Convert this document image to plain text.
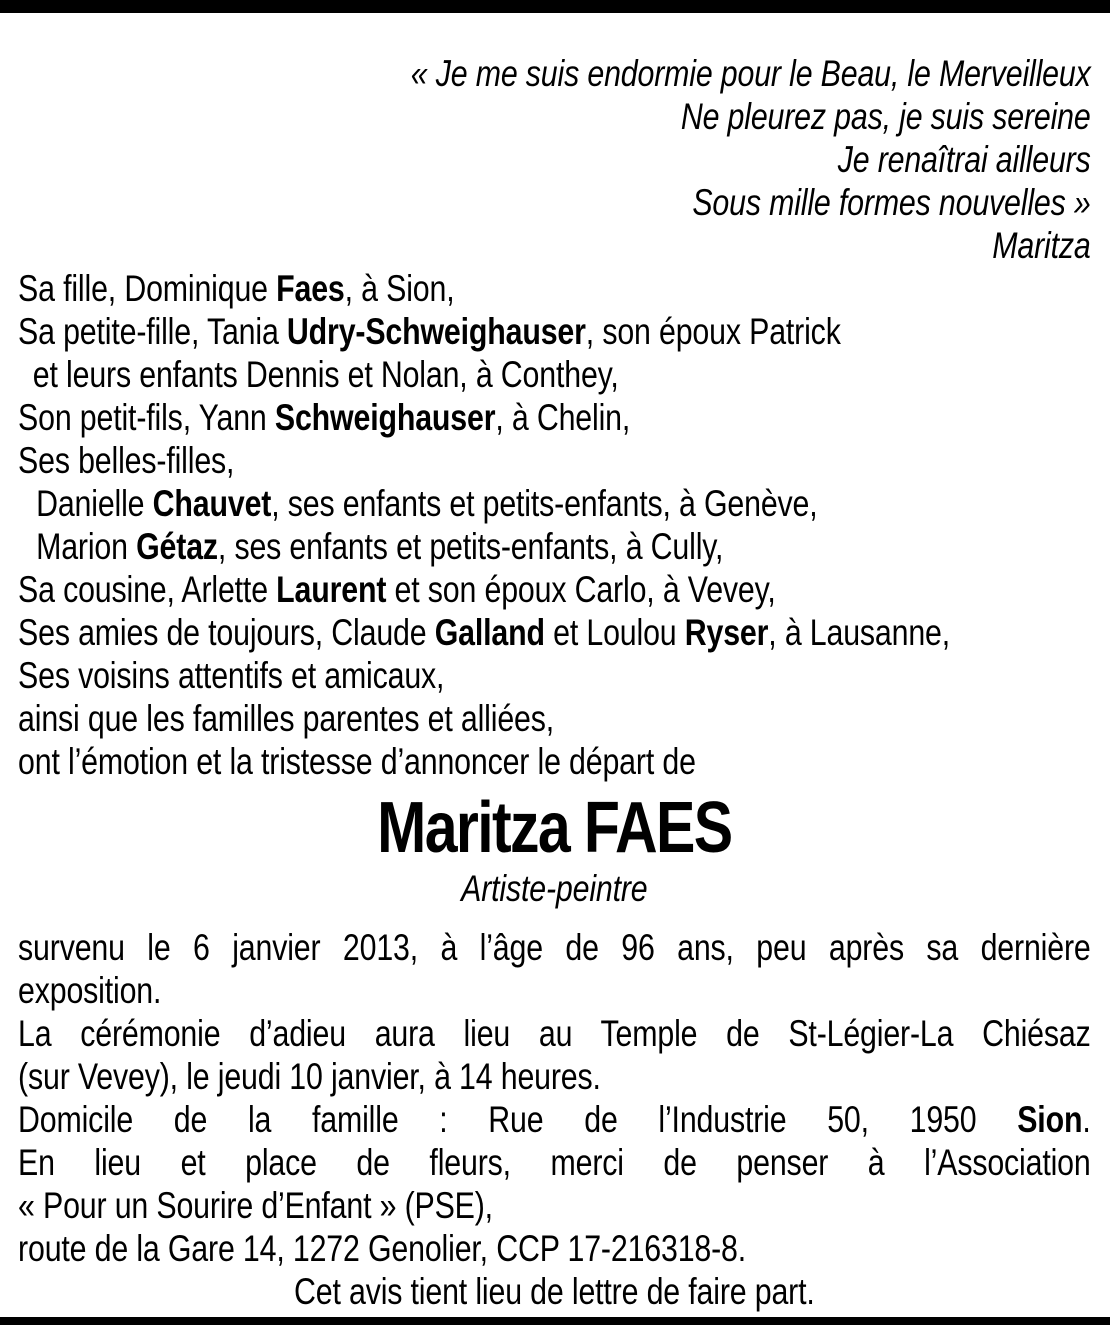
« Je me suis endormie pour le Beau, le Merveilleux
Ne pleurez pas, je suis sereine
Je renaîtrai ailleurs
Sous mille formes nouvelles »
Maritza
Sa fille, Dominique Faes, à Sion,
Sa petite-fille, Tania Udry-Schweighauser, son époux Patrick
et leurs enfants Dennis et Nolan, à Conthey,
Son petit-fils, Yann Schweighauser, à Chelin,
Ses belles-filles,
Danielle Chauvet, ses enfants et petits-enfants, à Genève,
Marion Gétaz, ses enfants et petits-enfants, à Cully,
Sa cousine, Arlette Laurent et son époux Carlo, à Vevey,
Ses amies de toujours, Claude Galland et Loulou Ryser, à Lausanne,
Ses voisins attentifs et amicaux,
ainsi que les familles parentes et alliées,
ont l’émotion et la tristesse d’annoncer le départ de
Maritza FAES
Artiste-peintre
survenu le 6 janvier 2013, à l’âge de 96 ans, peu après sa dernière
exposition.
La cérémonie d’adieu aura lieu au Temple de St-Légier-La Chiésaz
(sur Vevey), le jeudi 10 janvier, à 14 heures.
Domicile de la famille : Rue de l’Industrie 50, 1950 Sion.
En lieu et place de fleurs, merci de penser à l’Association
« Pour un Sourire d’Enfant » (PSE),
route de la Gare 14, 1272 Genolier, CCP 17-216318-8.
Cet avis tient lieu de lettre de faire part.
